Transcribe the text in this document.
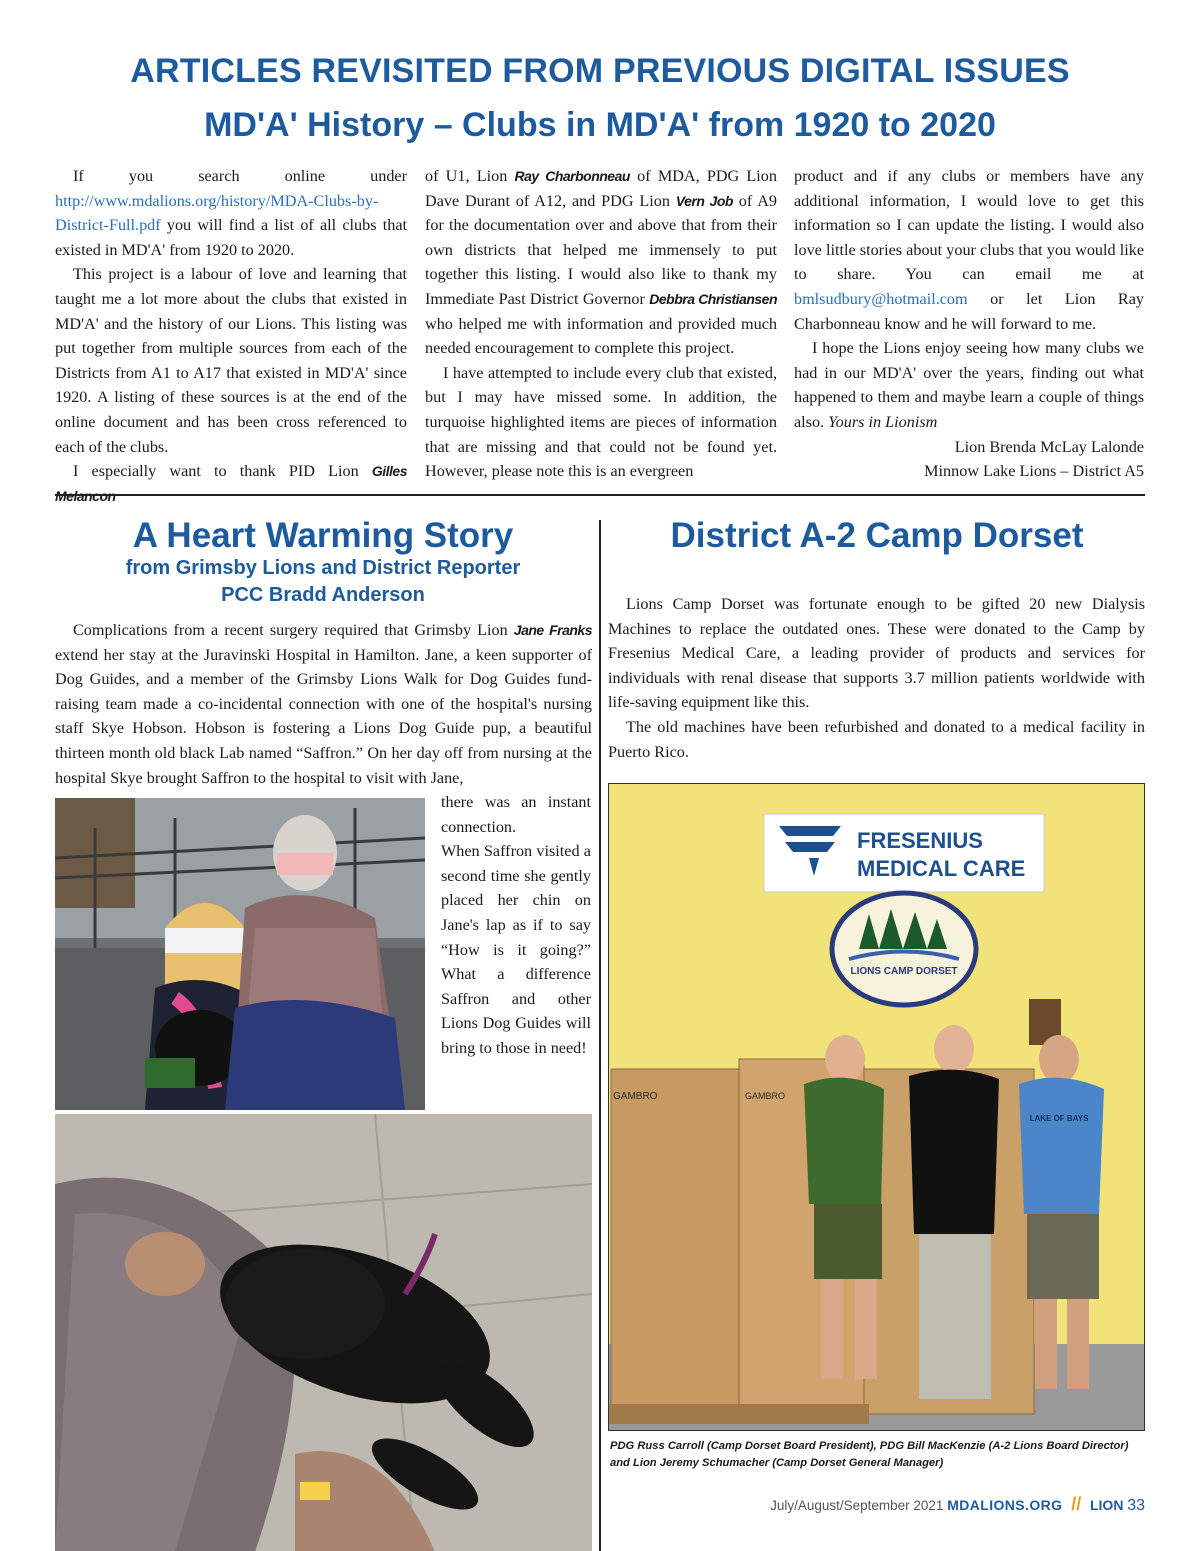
ARTICLES REVISITED FROM PREVIOUS DIGITAL ISSUES
MD'A' History – Clubs in MD'A' from 1920 to 2020

If you search online under http://www.mdalions.org/history/MDA-Clubs-by-District-Full.pdf you will find a list of all clubs that existed in MD'A' from 1920 to 2020.

This project is a labour of love and learning that taught me a lot more about the clubs that existed in MD'A' and the history of our Lions. This listing was put together from multiple sources from each of the Districts from A1 to A17 that existed in MD'A' since 1920. A listing of these sources is at the end of the online document and has been cross referenced to each of the clubs.

I especially want to thank PID Lion Gilles

of U1, Lion Ray Charbonneau of MDA, PDG Lion Dave Durant of A12, and PDG Lion Vern Job of A9 for the documentation over and above that from their own districts that helped me immensely to put together this listing. I would also like to thank my Immediate Past District Governor Debbra Christiansen who helped me with information and provided much needed encouragement to complete this project.

I have attempted to include every club that existed, but I may have missed some. In addition, the turquoise highlighted items are pieces of information that are missing and that could not be found yet. However, please note this is an evergreen

product and if any clubs or members have any additional information, I would love to get this information so I can update the listing. I would also love little stories about your clubs that you would like to share. You can email me at bmlsudbury@hotmail.com or let Lion Ray Charbonneau know and he will forward to me.

I hope the Lions enjoy seeing how many clubs we had in our MD'A' over the years, finding out what happened to them and maybe learn a couple of things also. Yours in Lionism

Lion Brenda McLay Lalonde

Minnow Lake Lions – District A5

A Heart Warming Story
from Grimsby Lions and District Reporter
PCC Bradd Anderson

Complications from a recent surgery required that Grimsby Lion Jane Franks extend her stay at the Juravinski Hospital in Hamilton. Jane, a keen supporter of Dog Guides, and a member of the Grimsby Lions Walk for Dog Guides fund-raising team made a co-incidental connection with one of the hospital's nursing staff Skye Hobson. Hobson is fostering a Lions Dog Guide pup, a beautiful thirteen month old black Lab named “Saffron.” On her day off from nursing at the hospital Skye brought Saffron to the hospital to visit with Jane,

there was an instant connection.

When Saffron visited a second time she gently placed her chin on Jane's lap as if to say “How is it going?” What a difference Saffron and other Lions Dog Guides will bring to those in need!

District A-2 Camp Dorset

Lions Camp Dorset was fortunate enough to be gifted 20 new Dialysis Machines to replace the outdated ones. These were donated to the Camp by Fresenius Medical Care, a leading provider of products and services for individuals with renal disease that supports 3.7 million patients worldwide with life-saving equipment like this.

The old machines have been refurbished and donated to a medical facility in Puerto Rico.

FRESENIUS
MEDICAL CARE
LIONS CAMP DORSET
GAMBRO	GAMBRO
LAKE OF BAYS
PDG Russ Carroll (Camp Dorset Board President), PDG Bill MacKenzie (A-2 Lions Board Director) and Lion Jeremy Schumacher (Camp Dorset General Manager)
July/August/September 2021 MDALIONS.ORG // LION 33
